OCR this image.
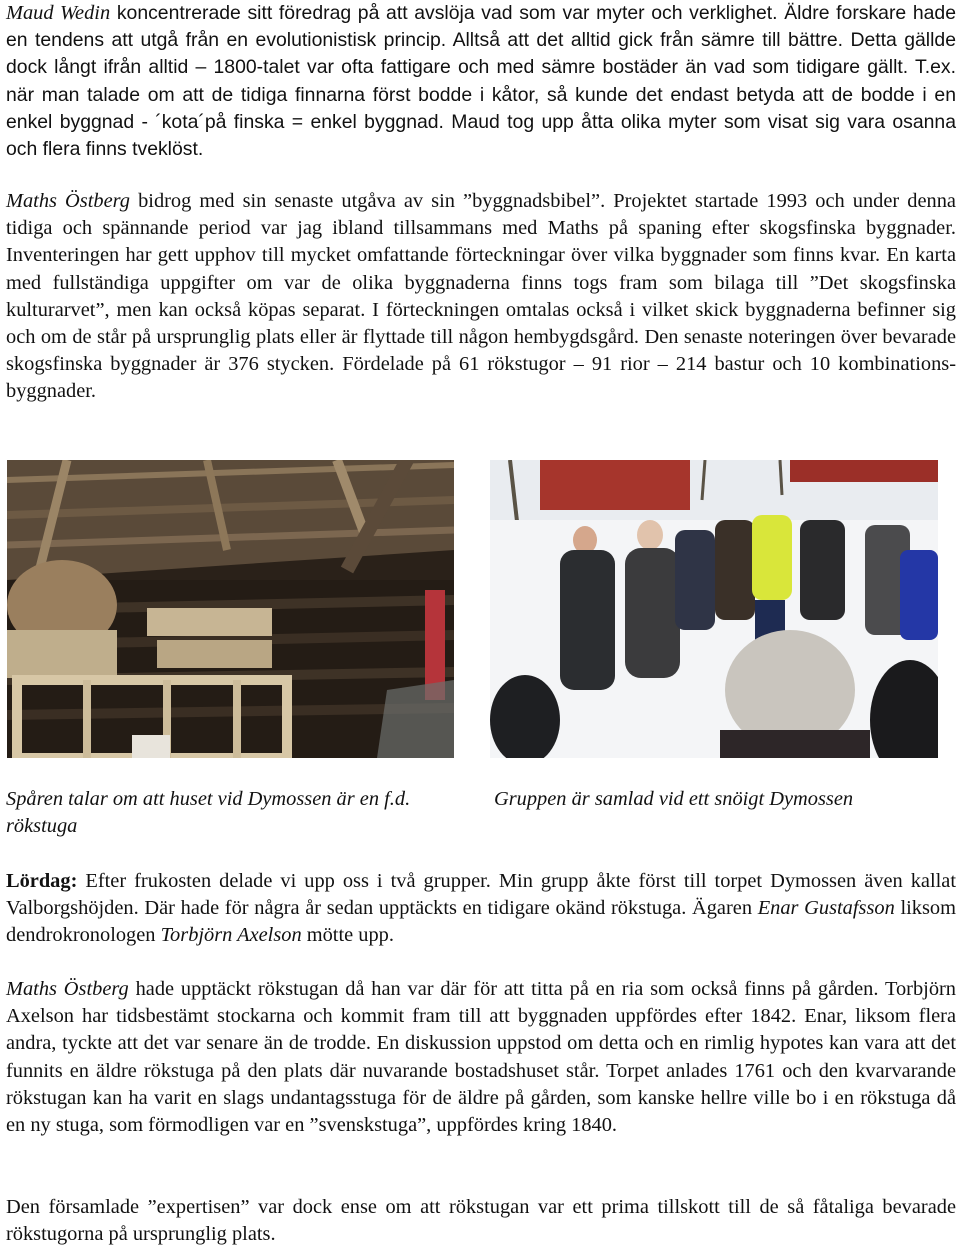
Maud Wedin koncentrerade sitt föredrag på att avslöja vad som var myter och verklighet. Äldre forskare hade en tendens att utgå från en evolutionistisk princip. Alltså att det alltid gick från sämre till bättre. Detta gällde dock långt ifrån alltid – 1800-talet var ofta fattigare och med sämre bostäder än vad som tidigare gällt. T.ex. när man talade om att de tidiga finnarna först bodde i kåtor, så kunde det endast betyda att de bodde i en enkel byggnad - ´kota´på finska = enkel byggnad. Maud tog upp åtta olika myter som visat sig vara osanna och flera finns tveklöst.

Maths Östberg bidrog med sin senaste utgåva av sin ”byggnadsbibel”. Projektet startade 1993 och under denna tidiga och spännande period var jag ibland tillsammans med Maths på spaning efter skogsfinska byggnader. Inventeringen har gett upphov till mycket omfattande förteckningar över vilka byggnader som finns kvar. En karta med fullständiga uppgifter om var de olika byggnaderna finns togs fram som bilaga till ”Det skogsfinska kulturarvet”, men kan också köpas separat. I förteckningen omtalas också i vilket skick byggnaderna befinner sig och om de står på ursprunglig plats eller är flyttade till någon hembygdsgård. Den senaste noteringen över bevarade skogsfinska byggnader är 376 stycken. Fördelade på 61 rökstugor – 91 rior – 214 bastur och 10 kombinations-byggnader.

Spåren talar om att huset vid Dymossen är en f.d. rökstuga

Gruppen är samlad vid ett snöigt Dymossen

Lördag: Efter frukosten delade vi upp oss i två grupper. Min grupp åkte först till torpet Dymossen även kallat Valborgshöjden. Där hade för några år sedan upptäckts en tidigare okänd rökstuga. Ägaren Enar Gustafsson liksom dendrokronologen Torbjörn Axelson mötte upp.

Maths Östberg hade upptäckt rökstugan då han var där för att titta på en ria som också finns på gården. Torbjörn Axelson har tidsbestämt stockarna och kommit fram till att byggnaden uppfördes efter 1842. Enar, liksom flera andra, tyckte att det var senare än de trodde. En diskussion uppstod om detta och en rimlig hypotes kan vara att det funnits en äldre rökstuga på den plats där nuvarande bostadshuset står. Torpet anlades 1761 och den kvarvarande rökstugan kan ha varit en slags undantagsstuga för de äldre på gården, som kanske hellre ville bo i en rökstuga då en ny stuga, som förmodligen var en ”svenskstuga”, uppfördes kring 1840.

Den församlade ”expertisen” var dock ense om att rökstugan var ett prima tillskott till de så fåtaliga bevarade rökstugorna på ursprunglig plats.
